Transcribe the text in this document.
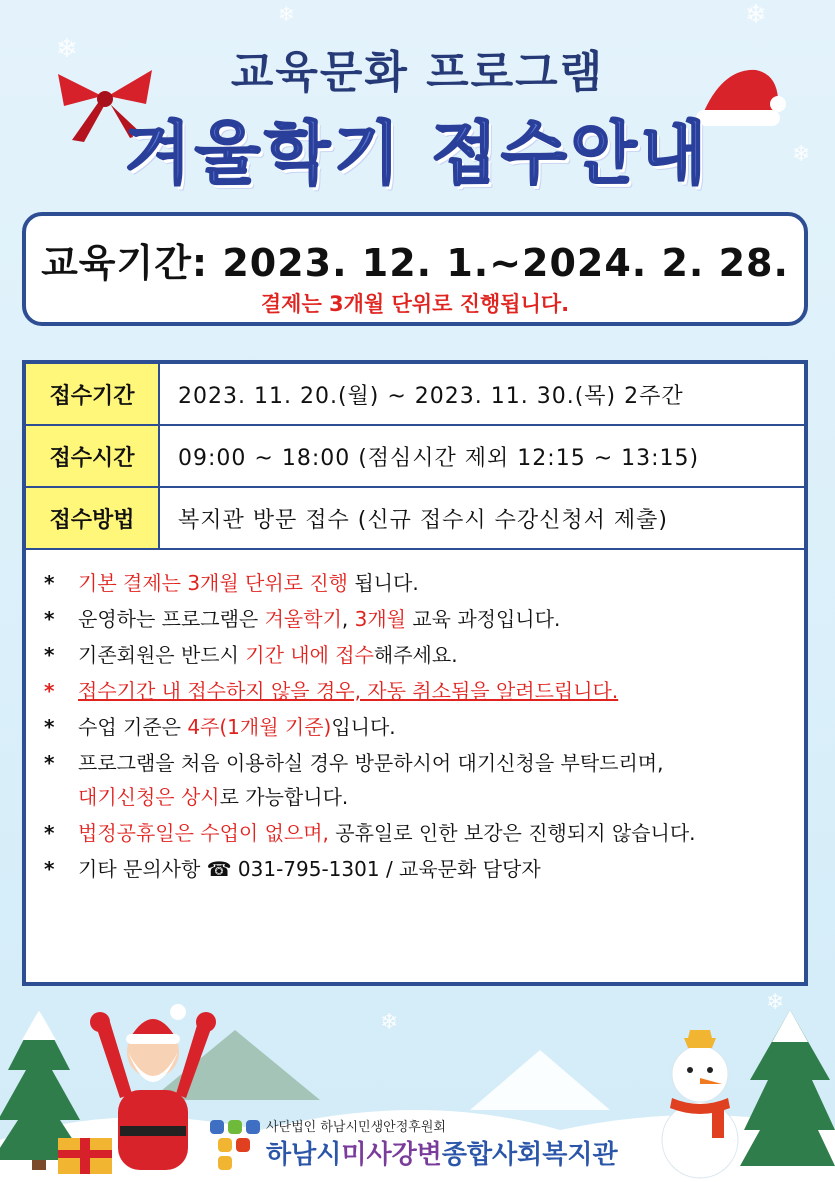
❄
❄	❄
❄
❄
❄
교육문화 프로그램
겨울학기 접수안내
교육기간: 2023. 12. 1.~2024. 2. 28.
결제는 3개월 단위로 진행됩니다.
접수기간	2023. 11. 20.(월) ~ 2023. 11. 30.(목) 2주간
접수시간	09:00 ~ 18:00 (점심시간 제외 12:15 ~ 13:15)
접수방법	복지관 방문 접수 (신규 접수시 수강신청서 제출)
* 기본 결제는 3개월 단위로 진행 됩니다.
* 운영하는 프로그램은 겨울학기, 3개월 교육 과정입니다.
* 기존회원은 반드시 기간 내에 접수해주세요.
* 접수기간 내 접수하지 않을 경우, 자동 취소됨을 알려드립니다.
* 수업 기준은 4주(1개월 기준)입니다.
* 프로그램을 처음 이용하실 경우 방문하시어 대기신청을 부탁드리며,
대기신청은 상시로 가능합니다.
* 법정공휴일은 수업이 없으며, 공휴일로 인한 보강은 진행되지 않습니다.
* 기타 문의사항 ☎ 031-795-1301 / 교육문화 담당자
사단법인 하남시민생안정후원회
하남시미사강변종합사회복지관
